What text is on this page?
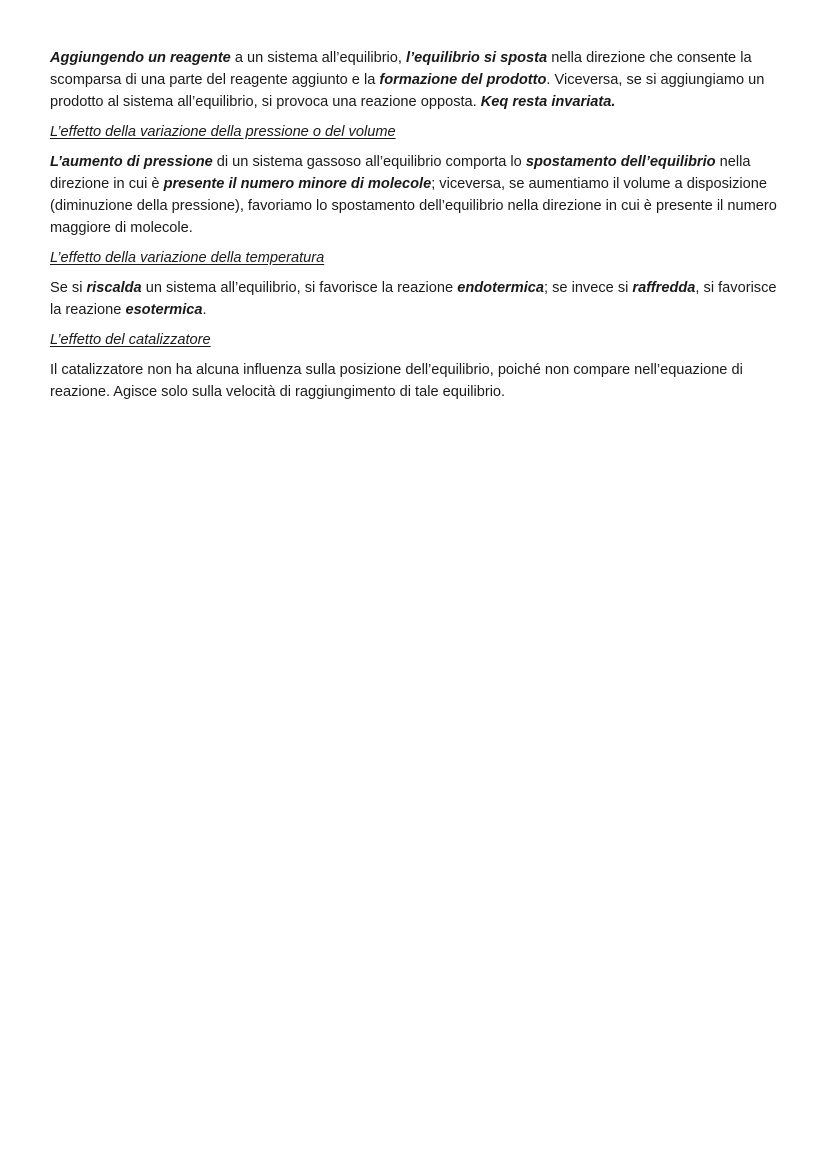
Aggiungendo un reagente a un sistema all’equilibrio, l’equilibrio si sposta nella direzione che consente la scomparsa di una parte del reagente aggiunto e la formazione del prodotto. Viceversa, se si aggiungiamo un prodotto al sistema all’equilibrio, si provoca una reazione opposta. Keq resta invariata.

L’effetto della variazione della pressione o del volume

L’aumento di pressione di un sistema gassoso all’equilibrio comporta lo spostamento dell’equilibrio nella direzione in cui è presente il numero minore di molecole; viceversa, se aumentiamo il volume a disposizione (diminuzione della pressione), favoriamo lo spostamento dell’equilibrio nella direzione in cui è presente il numero maggiore di molecole.

L’effetto della variazione della temperatura

Se si riscalda un sistema all’equilibrio, si favorisce la reazione endotermica; se invece si raffredda, si favorisce la reazione esotermica.

L’effetto del catalizzatore

Il catalizzatore non ha alcuna influenza sulla posizione dell’equilibrio, poiché non compare nell’equazione di reazione. Agisce solo sulla velocità di raggiungimento di tale equilibrio.
